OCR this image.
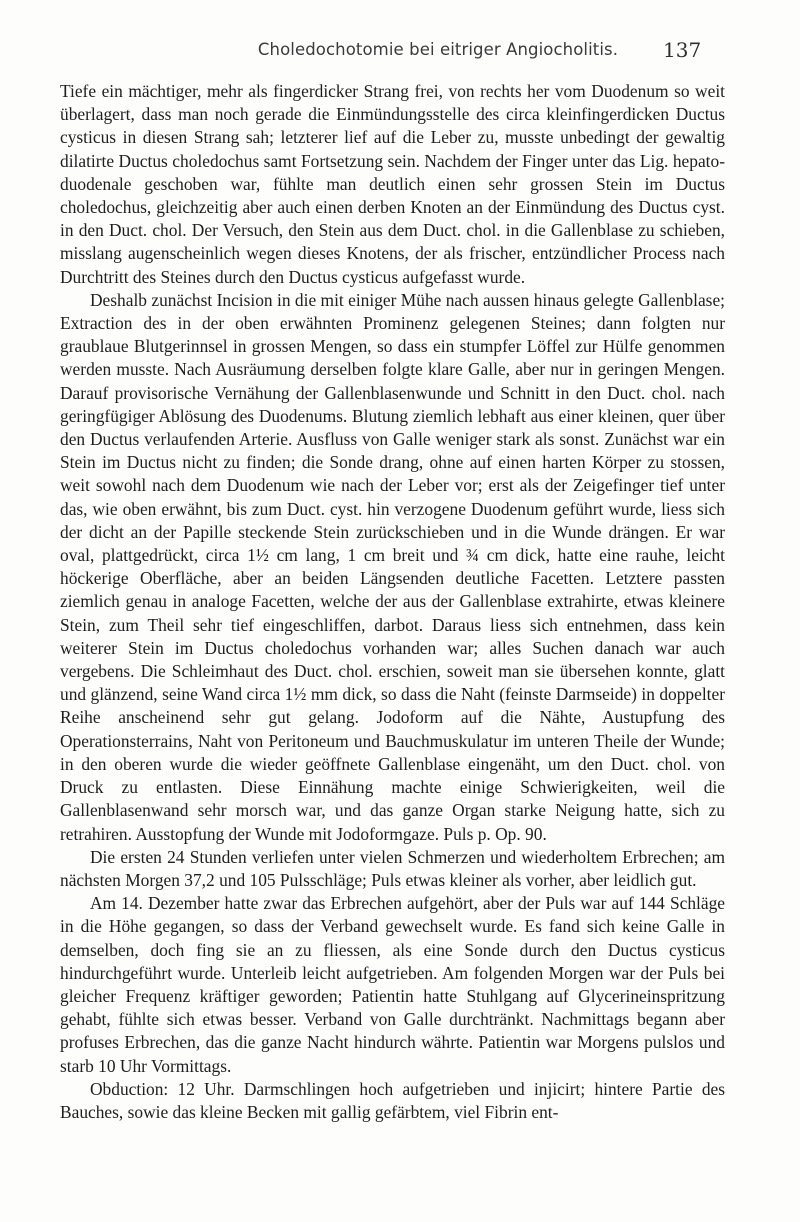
Choledochotomie bei eitriger Angiocholitis.	137

Tiefe ein mächtiger, mehr als fingerdicker Strang frei, von rechts her vom Duodenum so weit überlagert, dass man noch gerade die Einmündungsstelle des circa kleinfingerdicken Ductus cysticus in diesen Strang sah; letzterer lief auf die Leber zu, musste unbedingt der gewaltig dilatirte Ductus choledochus samt Fortsetzung sein. Nachdem der Finger unter das Lig. hepato-duodenale geschoben war, fühlte man deutlich einen sehr grossen Stein im Ductus choledochus, gleichzeitig aber auch einen derben Knoten an der Einmündung des Ductus cyst. in den Duct. chol. Der Versuch, den Stein aus dem Duct. chol. in die Gallenblase zu schieben, misslang augenscheinlich wegen dieses Knotens, der als frischer, entzündlicher Process nach Durchtritt des Steines durch den Ductus cysticus aufgefasst wurde.

Deshalb zunächst Incision in die mit einiger Mühe nach aussen hinaus gelegte Gallenblase; Extraction des in der oben erwähnten Prominenz gelegenen Steines; dann folgten nur graublaue Blutgerinnsel in grossen Mengen, so dass ein stumpfer Löffel zur Hülfe genommen werden musste. Nach Ausräumung derselben folgte klare Galle, aber nur in geringen Mengen. Darauf provisorische Vernähung der Gallenblasenwunde und Schnitt in den Duct. chol. nach geringfügiger Ablösung des Duodenums. Blutung ziemlich lebhaft aus einer kleinen, quer über den Ductus verlaufenden Arterie. Ausfluss von Galle weniger stark als sonst. Zunächst war ein Stein im Ductus nicht zu finden; die Sonde drang, ohne auf einen harten Körper zu stossen, weit sowohl nach dem Duodenum wie nach der Leber vor; erst als der Zeigefinger tief unter das, wie oben erwähnt, bis zum Duct. cyst. hin verzogene Duodenum geführt wurde, liess sich der dicht an der Papille steckende Stein zurückschieben und in die Wunde drängen. Er war oval, plattgedrückt, circa 1½ cm lang, 1 cm breit und ¾ cm dick, hatte eine rauhe, leicht höckerige Oberfläche, aber an beiden Längsenden deutliche Facetten. Letztere passten ziemlich genau in analoge Facetten, welche der aus der Gallenblase extrahirte, etwas kleinere Stein, zum Theil sehr tief eingeschliffen, darbot. Daraus liess sich entnehmen, dass kein weiterer Stein im Ductus choledochus vorhanden war; alles Suchen danach war auch vergebens. Die Schleimhaut des Duct. chol. erschien, soweit man sie übersehen konnte, glatt und glänzend, seine Wand circa 1½ mm dick, so dass die Naht (feinste Darmseide) in doppelter Reihe anscheinend sehr gut gelang. Jodoform auf die Nähte, Austupfung des Operationsterrains, Naht von Peritoneum und Bauchmuskulatur im unteren Theile der Wunde; in den oberen wurde die wieder geöffnete Gallenblase eingenäht, um den Duct. chol. von Druck zu entlasten. Diese Einnähung machte einige Schwierigkeiten, weil die Gallenblasenwand sehr morsch war, und das ganze Organ starke Neigung hatte, sich zu retrahiren. Ausstopfung der Wunde mit Jodoformgaze. Puls p. Op. 90.

Die ersten 24 Stunden verliefen unter vielen Schmerzen und wiederholtem Erbrechen; am nächsten Morgen 37,2 und 105 Pulsschläge; Puls etwas kleiner als vorher, aber leidlich gut.

Am 14. Dezember hatte zwar das Erbrechen aufgehört, aber der Puls war auf 144 Schläge in die Höhe gegangen, so dass der Verband gewechselt wurde. Es fand sich keine Galle in demselben, doch fing sie an zu fliessen, als eine Sonde durch den Ductus cysticus hindurchgeführt wurde. Unterleib leicht aufgetrieben. Am folgenden Morgen war der Puls bei gleicher Frequenz kräftiger geworden; Patientin hatte Stuhlgang auf Glycerineinspritzung gehabt, fühlte sich etwas besser. Verband von Galle durchtränkt. Nachmittags begann aber profuses Erbrechen, das die ganze Nacht hindurch währte. Patientin war Morgens pulslos und starb 10 Uhr Vormittags.

Obduction: 12 Uhr. Darmschlingen hoch aufgetrieben und injicirt; hintere Partie des Bauches, sowie das kleine Becken mit gallig gefärbtem, viel Fibrin ent-
